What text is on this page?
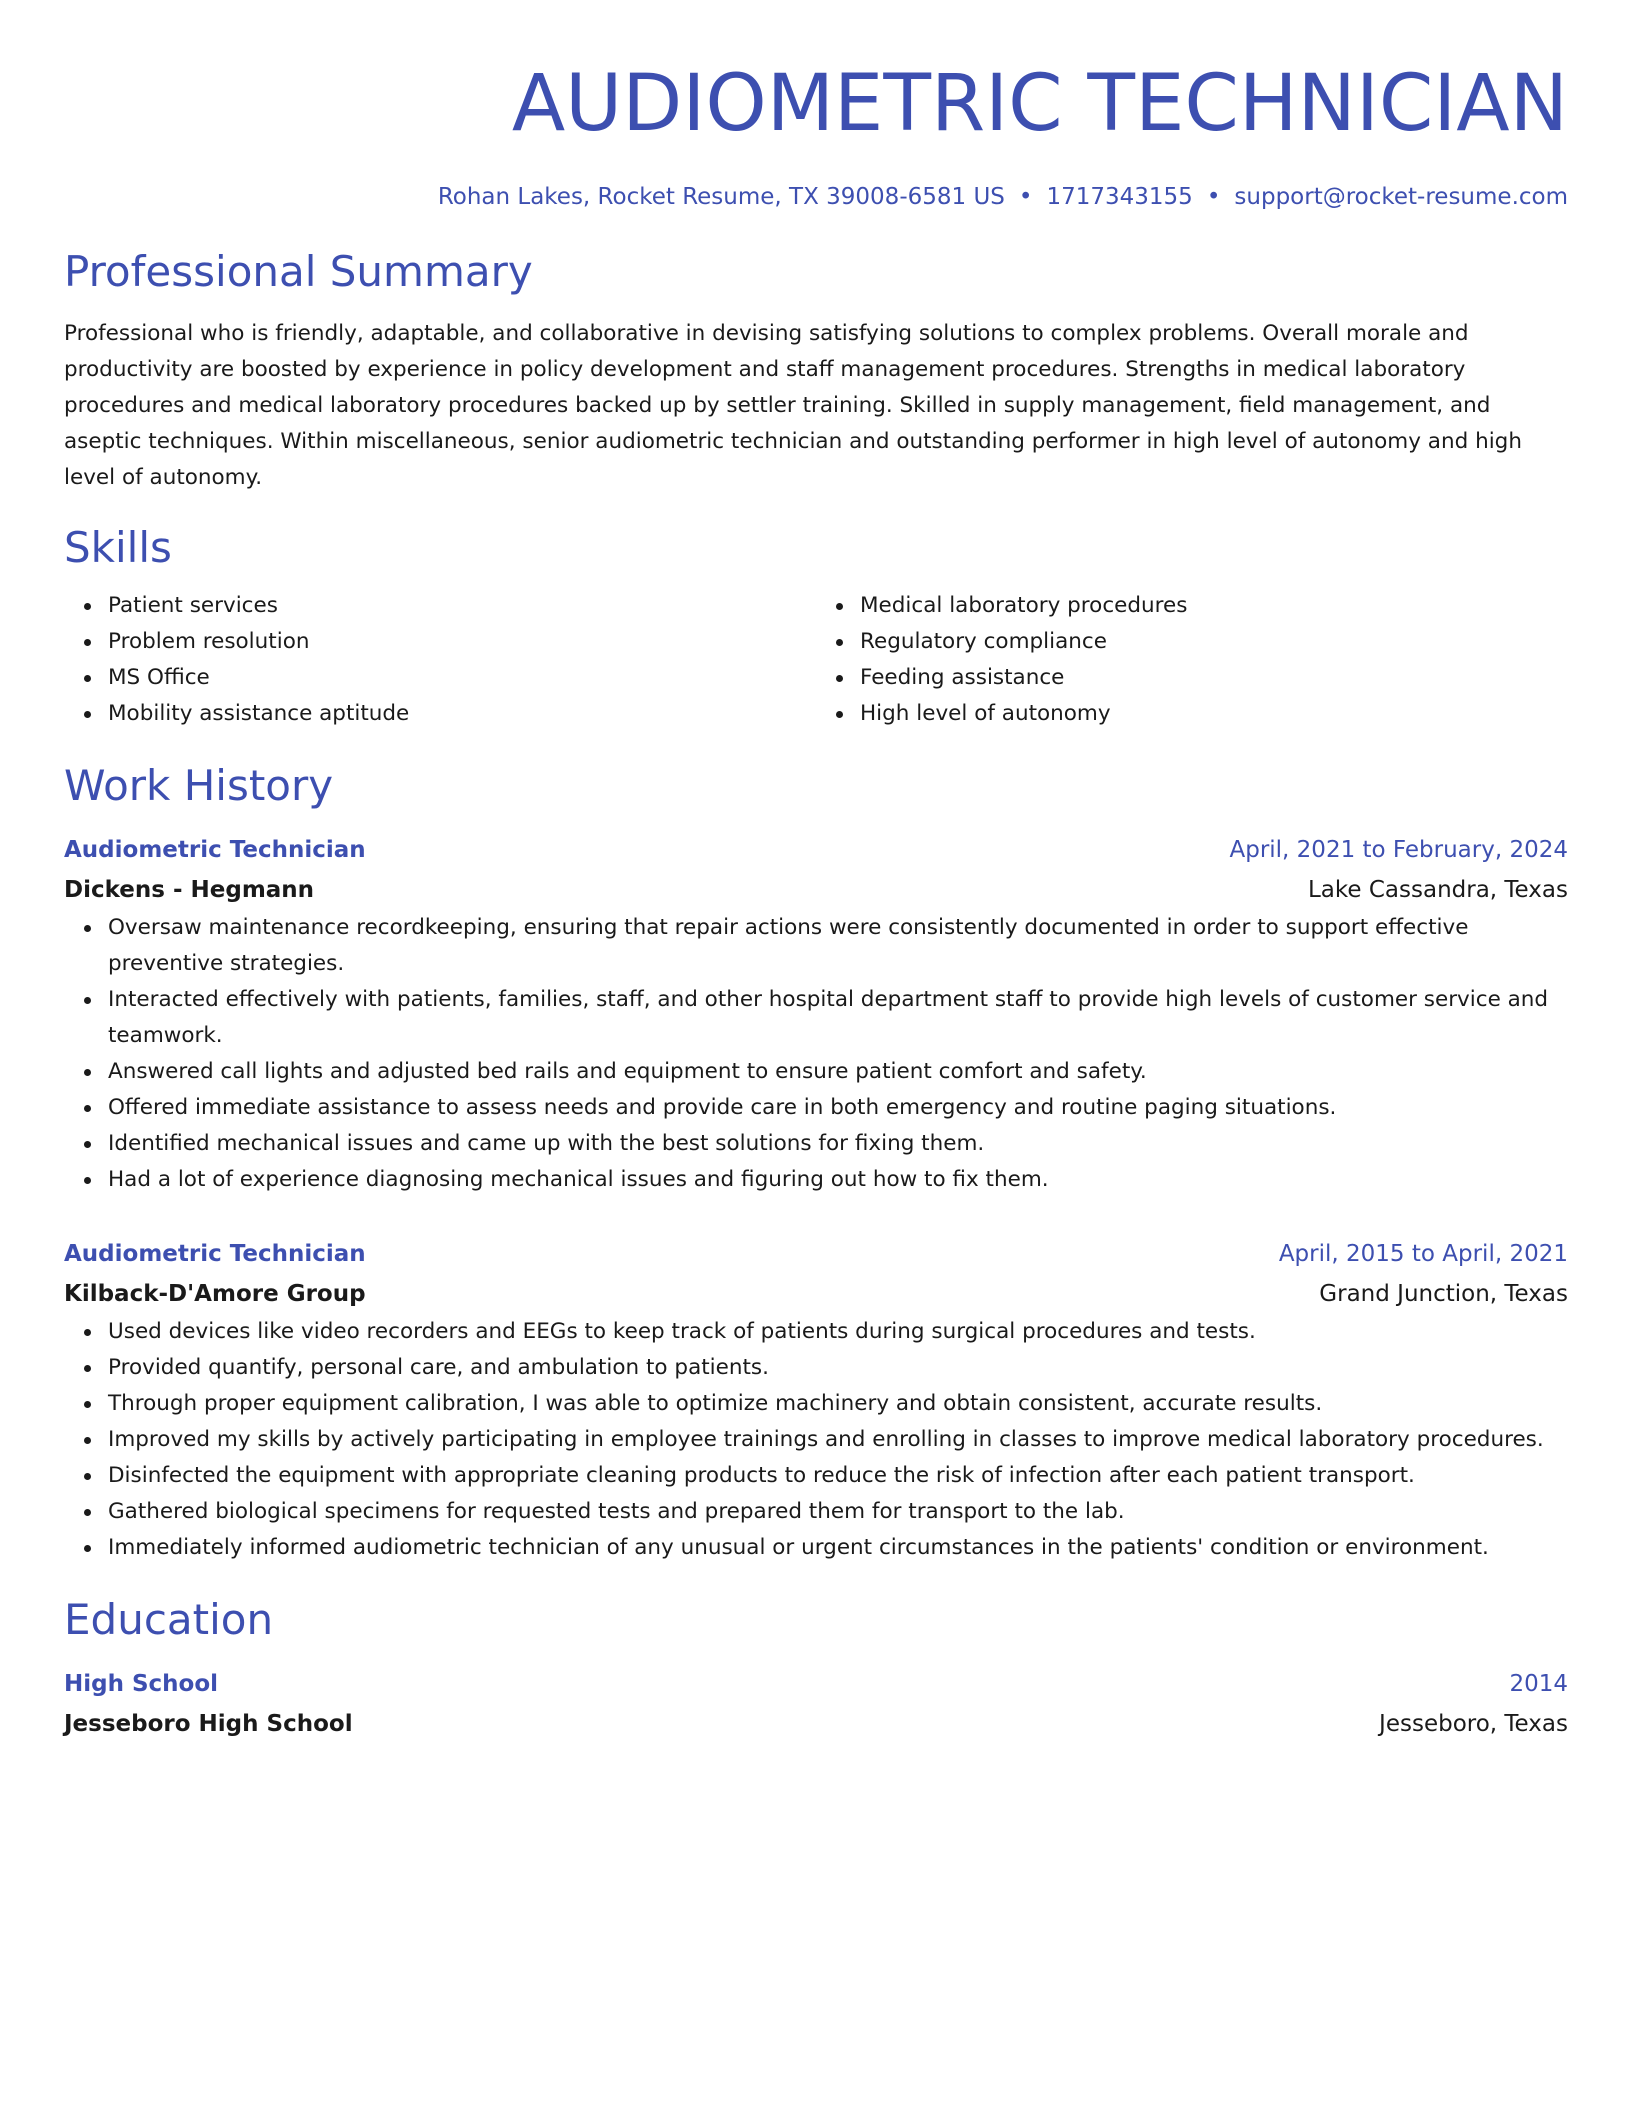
AUDIOMETRIC TECHNICIAN
Rohan Lakes, Rocket Resume, TX 39008-6581 US • 1717343155 • support@rocket-resume.com
Professional Summary
Professional who is friendly, adaptable, and collaborative in devising satisfying solutions to complex problems. Overall morale and productivity are boosted by experience in policy development and staff management procedures. Strengths in medical laboratory procedures and medical laboratory procedures backed up by settler training. Skilled in supply management, field management, and aseptic techniques. Within miscellaneous, senior audiometric technician and outstanding performer in high level of autonomy and high level of autonomy.
Skills
Patient services
Problem resolution
MS Office
Mobility assistance aptitude
Medical laboratory procedures
Regulatory compliance
Feeding assistance
High level of autonomy
Work History
Audiometric Technician	April, 2021 to February, 2024
Dickens - Hegmann	Lake Cassandra, Texas
Oversaw maintenance recordkeeping, ensuring that repair actions were consistently documented in order to support effective preventive strategies.
Interacted effectively with patients, families, staff, and other hospital department staff to provide high levels of customer service and teamwork.
Answered call lights and adjusted bed rails and equipment to ensure patient comfort and safety.
Offered immediate assistance to assess needs and provide care in both emergency and routine paging situations.
Identified mechanical issues and came up with the best solutions for fixing them.
Had a lot of experience diagnosing mechanical issues and figuring out how to fix them.
Audiometric Technician	April, 2015 to April, 2021
Kilback-D'Amore Group	Grand Junction, Texas
Used devices like video recorders and EEGs to keep track of patients during surgical procedures and tests.
Provided quantify, personal care, and ambulation to patients.
Through proper equipment calibration, I was able to optimize machinery and obtain consistent, accurate results.
Improved my skills by actively participating in employee trainings and enrolling in classes to improve medical laboratory procedures.
Disinfected the equipment with appropriate cleaning products to reduce the risk of infection after each patient transport.
Gathered biological specimens for requested tests and prepared them for transport to the lab.
Immediately informed audiometric technician of any unusual or urgent circumstances in the patients' condition or environment.
Education
High School	2014
Jesseboro High School	Jesseboro, Texas
